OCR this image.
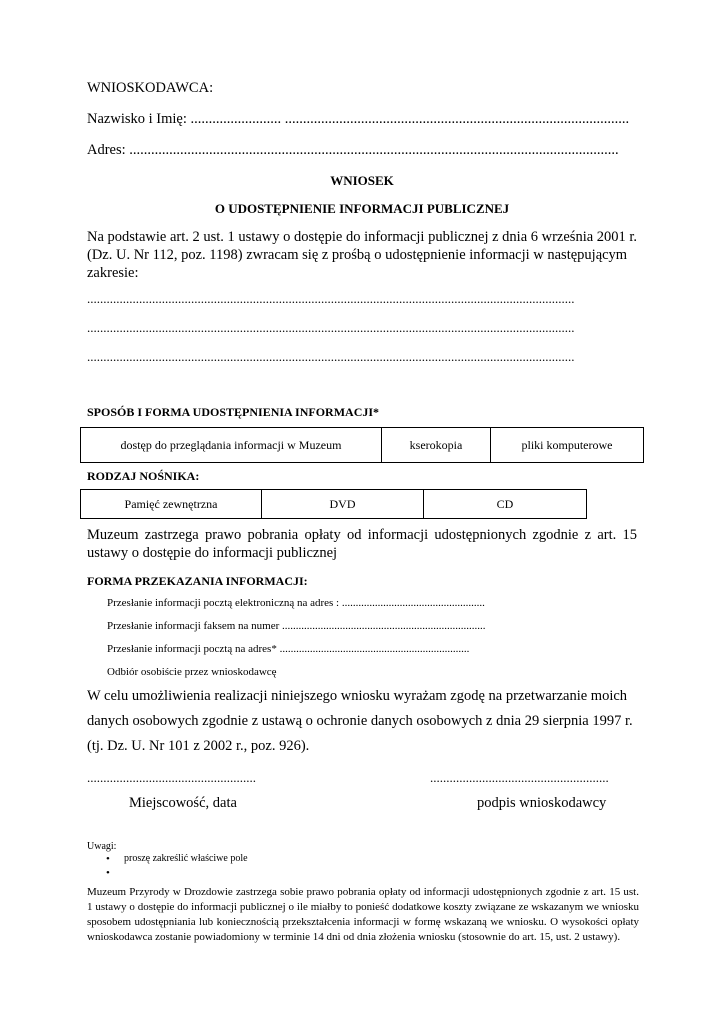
WNIOSKODAWCA:
Nazwisko i Imię: ......................... ...............................................................................................
Adres: .......................................................................................................................................
WNIOSEK
O UDOSTĘPNIENIE INFORMACJI PUBLICZNEJ
Na podstawie art. 2 ust. 1 ustawy o dostępie do informacji publicznej z dnia 6 września 2001 r.
(Dz. U. Nr 112, poz. 1198) zwracam się z prośbą o udostępnienie informacji w następującym
zakresie:
......................................................................................................................................................
......................................................................................................................................................
......................................................................................................................................................
SPOSÓB I FORMA UDOSTĘPNIENIA INFORMACJI*
dostęp do przeglądania informacji w Muzeum	kserokopia	pliki komputerowe
RODZAJ NOŚNIKA:
Pamięć zewnętrzna	DVD	CD
Muzeum zastrzega prawo pobrania opłaty od informacji udostępnionych zgodnie z art. 15 ustawy o dostępie do informacji publicznej
FORMA PRZEKAZANIA INFORMACJI:
Przesłanie informacji pocztą elektroniczną na adres : ....................................................
Przesłanie informacji faksem na numer ..........................................................................
Przesłanie informacji pocztą na adres* .....................................................................
Odbiór osobiście przez wnioskodawcę
W celu umożliwienia realizacji niniejszego wniosku wyrażam zgodę na przetwarzanie moich
danych osobowych zgodnie z ustawą o ochronie danych osobowych z dnia 29 sierpnia 1997 r.
(tj. Dz. U. Nr 101 z 2002 r., poz. 926).
....................................................	.......................................................
Miejscowość, data	podpis wnioskodawcy
Uwagi:
• proszę zakreślić właściwe pole
•
Muzeum Przyrody w Drozdowie zastrzega sobie prawo pobrania opłaty od informacji udostępnionych zgodnie z art. 15 ust. 1 ustawy o dostępie do informacji publicznej o ile miałby to ponieść dodatkowe koszty związane ze wskazanym we wniosku sposobem udostępniania lub koniecznością przekształcenia informacji w formę wskazaną we wniosku. O wysokości opłaty wnioskodawca zostanie powiadomiony w terminie 14 dni od dnia złożenia wniosku (stosownie do art. 15, ust. 2 ustawy).
